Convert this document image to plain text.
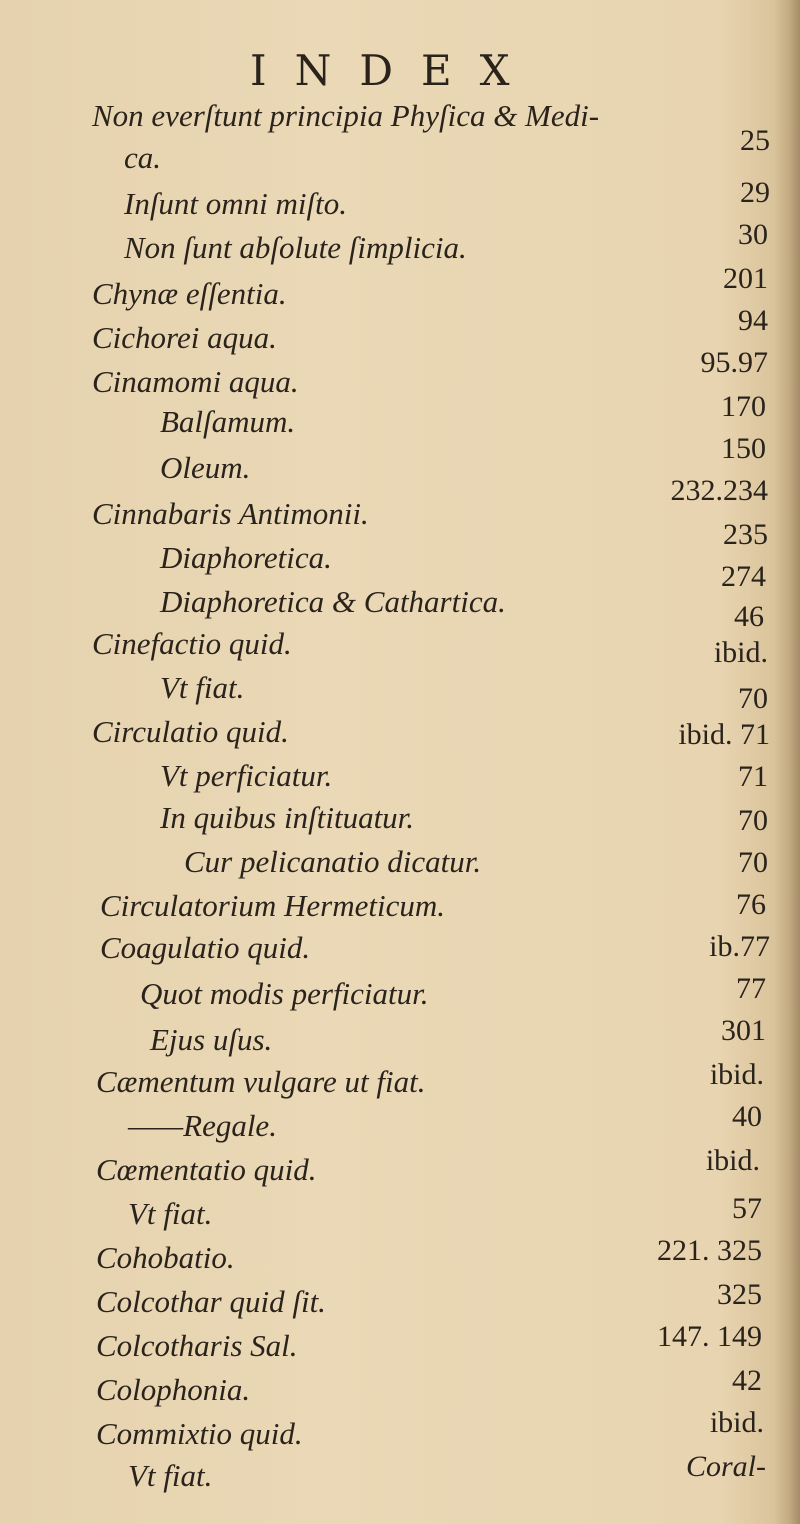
INDEX
Non everſtunt principia Phyſica & Medi-
ca.
Inſunt omni miſto.
Non ſunt abſolute ſimplicia.
Chynæ eſſentia.
Cichorei aqua.
Cinamomi aqua.
Balſamum.
Oleum.
Cinnabaris Antimonii.
Diaphoretica.
Diaphoretica & Cathartica.
Cinefactio quid.
Vt fiat.
Circulatio quid.
Vt perficiatur.
In quibus inſtituatur.
Cur pelicanatio dicatur.
Circulatorium Hermeticum.
Coagulatio quid.
Quot modis perficiatur.
Ejus uſus.
Cæmentum vulgare ut fiat.
——Regale.
Cœmentatio quid.
Vt fiat.
Cohobatio.
Colcothar quid ſit.
Colcotharis Sal.
Colophonia.
Commixtio quid.
Vt fiat.
25
29
30
201
94
95.97
170
150
232.234
235
274
46
ibid.
70
ibid. 71
71
70
70
76
ib.77
77
301
ibid.
40
ibid.
57
221. 325
325
147. 149
42
ibid.
Coral-
